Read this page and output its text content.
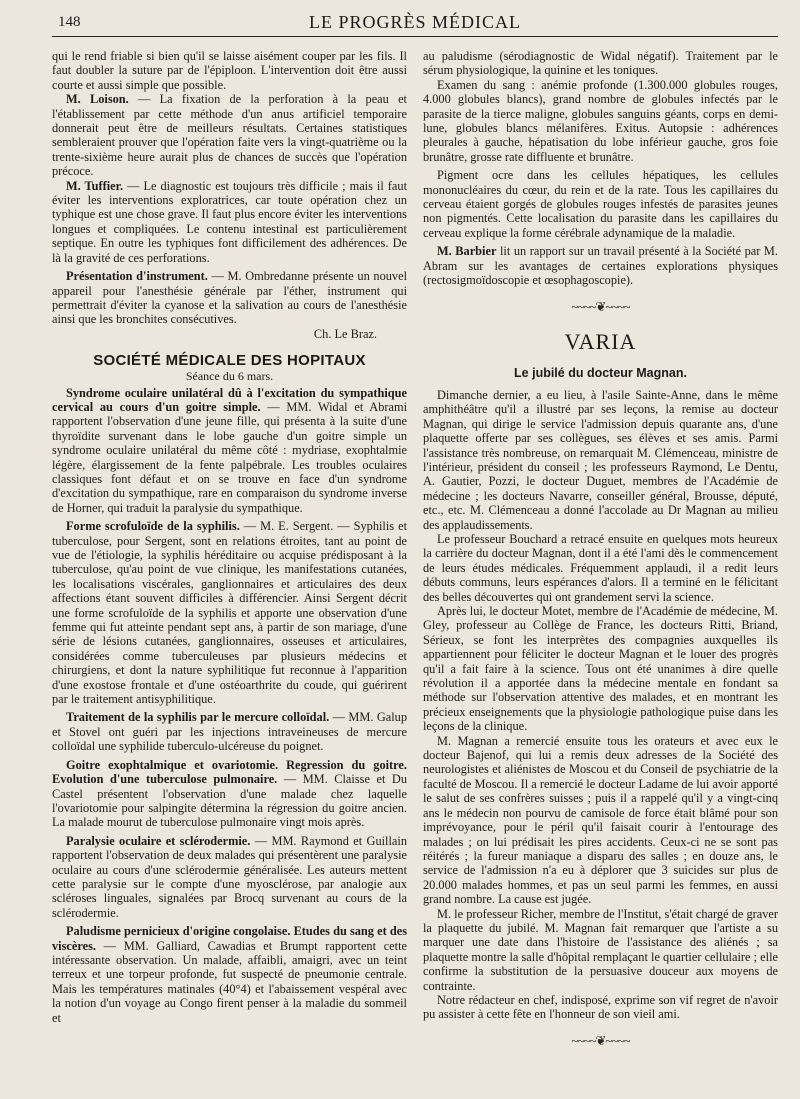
148	LE PROGRÈS MÉDICAL

qui le rend friable si bien qu'il se laisse aisément couper par les fils. Il faut doubler la suture par de l'épiploon. L'intervention doit être aussi courte et aussi simple que possible.

M. Loison. — La fixation de la perforation à la peau et l'établissement par cette méthode d'un anus artificiel temporaire donnerait peut être de meilleurs résultats. Certaines statistiques sembleraient prouver que l'opération faite vers la vingt-quatrième ou la trente-sixième heure aurait plus de chances de succès que l'opération précoce.

M. Tuffier. — Le diagnostic est toujours très difficile ; mais il faut éviter les interventions exploratrices, car toute opération chez un typhique est une chose grave. Il faut plus encore éviter les interventions longues et compliquées. Le contenu intestinal est particulièrement septique. En outre les typhiques font difficilement des adhérences. De là la gravité de ces perforations.

Présentation d'instrument. — M. Ombredanne présente un nouvel appareil pour l'anesthésie générale par l'éther, instrument qui permettrait d'éviter la cyanose et la salivation au cours de l'anesthésie ainsi que les bronchites consécutives.

Ch. Le Braz.
SOCIÉTÉ MÉDICALE DES HOPITAUX
Séance du 6 mars.

Syndrome oculaire unilatéral dû à l'excitation du sympathique cervical au cours d'un goitre simple. — MM. Widal et Abrami rapportent l'observation d'une jeune fille, qui présenta à la suite d'une thyroïdite survenant dans le lobe gauche d'un goitre simple un syndrome oculaire unilatéral du même côté : mydriase, exophtalmie légère, élargissement de la fente palpébrale. Les troubles oculaires classiques font défaut et on se trouve en face d'un syndrome d'excitation du sympathique, rare en comparaison du syndrome inverse de Horner, qui traduit la paralysie du sympathique.

Forme scrofuloïde de la syphilis. — M. E. Sergent. — Syphilis et tuberculose, pour Sergent, sont en relations étroites, tant au point de vue de l'étiologie, la syphilis héréditaire ou acquise prédisposant à la tuberculose, qu'au point de vue clinique, les manifestations cutanées, les localisations viscérales, ganglionnaires et articulaires des deux affections étant souvent difficiles à différencier. Ainsi Sergent décrit une forme scrofuloïde de la syphilis et apporte une observation d'une femme qui fut atteinte pendant sept ans, à partir de son mariage, d'une série de lésions cutanées, ganglionnaires, osseuses et articulaires, considérées comme tuberculeuses par plusieurs médecins et chirurgiens, et dont la nature syphilitique fut reconnue à l'apparition d'une exostose frontale et d'une ostéoarthrite du coude, qui guérirent par le traitement antisyphilitique.

Traitement de la syphilis par le mercure colloïdal. — MM. Galup et Stovel ont guéri par les injections intraveineuses de mercure colloïdal une syphilide tuberculo-ulcéreuse du poignet.

Goitre exophtalmique et ovariotomie. Regression du goitre. Evolution d'une tuberculose pulmonaire. — MM. Claisse et Du Castel présentent l'observation d'une malade chez laquelle l'ovariotomie pour salpingite détermina la régression du goitre ancien. La malade mourut de tuberculose pulmonaire vingt mois après.

Paralysie oculaire et sclérodermie. — MM. Raymond et Guillain rapportent l'observation de deux malades qui présentèrent une paralysie oculaire au cours d'une sclérodermie généralisée. Les auteurs mettent cette paralysie sur le compte d'une myosclérose, par analogie aux scléroses linguales, signalées par Brocq survenant au cours de la sclérodermie.

Paludisme pernicieux d'origine congolaise. Etudes du sang et des viscères. — MM. Galliard, Cawadias et Brumpt rapportent cette intéressante observation. Un malade, affaibli, amaigri, avec un teint terreux et une torpeur profonde, fut suspecté de pneumonie centrale. Mais les températures matinales (40°4) et l'abaissement vespéral avec la notion d'un voyage au Congo firent penser à la maladie du sommeil et

au paludisme (sérodiagnostic de Widal négatif). Traitement par le sérum physiologique, la quinine et les toniques.

Examen du sang : anémie profonde (1.300.000 globules rouges, 4.000 globules blancs), grand nombre de globules infectés par le parasite de la tierce maligne, globules sanguins géants, corps en demi-lune, globules blancs mélanifères. Exitus. Autopsie : adhérences pleurales à gauche, hépatisation du lobe inférieur gauche, gros foie brunâtre, grosse rate diffluente et brunâtre.

Pigment ocre dans les cellules hépatiques, les cellules mononucléaires du cœur, du rein et de la rate. Tous les capillaires du cerveau étaient gorgés de globules rouges infestés de parasites jeunes non pigmentés. Cette localisation du parasite dans les capillaires du cerveau explique la forme cérébrale adynamique de la maladie.

M. Barbier lit un rapport sur un travail présenté à la Société par M. Abram sur les avantages de certaines explorations physiques (rectosigmoïdoscopie et œsophagoscopie).

~~~~❦~~~~
VARIA
Le jubilé du docteur Magnan.

Dimanche dernier, a eu lieu, à l'asile Sainte-Anne, dans le même amphithéâtre qu'il a illustré par ses leçons, la remise au docteur Magnan, qui dirige le service l'admission depuis quarante ans, d'une plaquette offerte par ses collègues, ses élèves et ses amis. Parmi l'assistance très nombreuse, on remarquait M. Clémenceau, ministre de l'intérieur, président du conseil ; les professeurs Raymond, Le Dentu, A. Gautier, Pozzi, le docteur Duguet, membres de l'Académie de médecine ; les docteurs Navarre, conseiller général, Brousse, député, etc., etc. M. Clémenceau a donné l'accolade au Dr Magnan au milieu des applaudissements.

Le professeur Bouchard a retracé ensuite en quelques mots heureux la carrière du docteur Magnan, dont il a été l'ami dès le commencement de leurs études médicales. Fréquemment applaudi, il a redit leurs débuts communs, leurs espérances d'alors. Il a terminé en le félicitant des belles découvertes qui ont grandement servi la science.

Après lui, le docteur Motet, membre de l'Académie de médecine, M. Gley, professeur au Collège de France, les docteurs Ritti, Briand, Sérieux, se font les interprètes des compagnies auxquelles ils appartiennent pour féliciter le docteur Magnan et le louer des progrès qu'il a fait faire à la science. Tous ont été unanimes à dire quelle révolution il a apportée dans la médecine mentale en fondant sa méthode sur l'observation attentive des malades, et en montrant les précieux enseignements que la physiologie pathologique puise dans les leçons de la clinique.

M. Magnan a remercié ensuite tous les orateurs et avec eux le docteur Bajenof, qui lui a remis deux adresses de la Société des neurologistes et aliénistes de Moscou et du Conseil de psychiatrie de la faculté de Moscou. Il a remercié le docteur Ladame de lui avoir apporté le salut de ses confrères suisses ; puis il a rappelé qu'il y a vingt-cinq ans le médecin non pourvu de camisole de force était blâmé pour son imprévoyance, pour le péril qu'il faisait courir à l'entourage des malades ; on lui prédisait les pires accidents. Ceux-ci ne se sont pas réitérés ; la fureur maniaque a disparu des salles ; en douze ans, le service de l'admission n'a eu à déplorer que 3 suicides sur plus de 20.000 malades hommes, et pas un seul parmi les femmes, en aussi grand nombre. La cause est jugée.

M. le professeur Richer, membre de l'Institut, s'était chargé de graver la plaquette du jubilé. M. Magnan fait remarquer que l'artiste a su marquer une date dans l'histoire de l'assistance des aliénés ; sa plaquette montre la salle d'hôpital remplaçant le quartier cellulaire ; elle confirme la substitution de la persuasive douceur aux moyens de contrainte.

Notre rédacteur en chef, indisposé, exprime son vif regret de n'avoir pu assister à cette fête en l'honneur de son vieil ami.

~~~~❦~~~~
